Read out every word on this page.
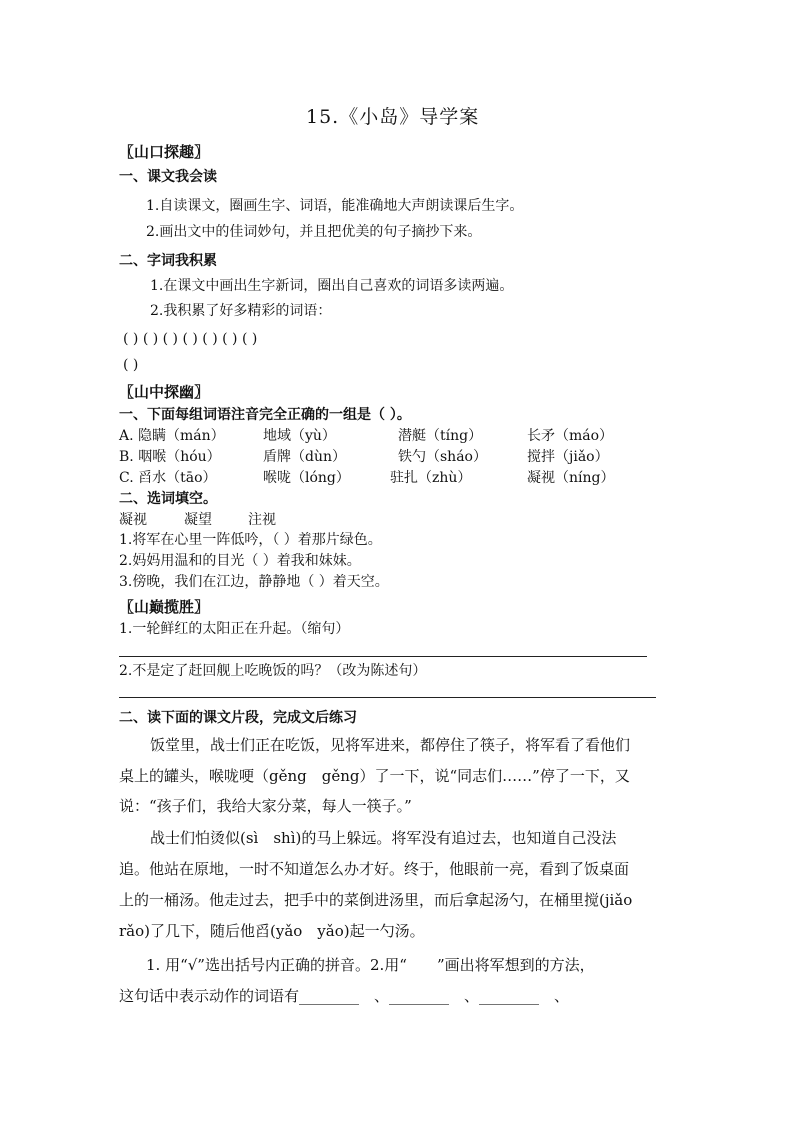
15.《小岛》导学案
〖山口探趣〗
一、课文我会读
1.自读课文，圈画生字、词语，能准确地大声朗读课后生字。
2.画出文中的佳词妙句，并且把优美的句子摘抄下来。
二、字词我积累
1.在课文中画出生字新词，圈出自己喜欢的词语多读两遍。
2.我积累了好多精彩的词语：
( ) ( ) ( ) ( ) ( ) ( ) ( )
( )
〖山中探幽〗
一、下面每组词语注音完全正确的一组是（ ）。
A. 隐瞒（mán）	地域（yù）	潜艇（tíng）	长矛（máo）
B. 咽喉（hóu）	盾牌（dùn）	铁勺（sháo）	搅拌（jiǎo）
C. 舀水（tāo）	喉咙（lóng）	驻扎（zhù）	凝视（níng）
二、选词填空。
凝视	凝望	注视
1.将军在心里一阵低吟，（ ）着那片绿色。
2.妈妈用温和的目光（ ）着我和妹妹。
3.傍晚，我们在江边，静静地（ ）着天空。
〖山巅揽胜〗
1.一轮鲜红的太阳正在升起。（缩句）
2.不是定了赶回舰上吃晚饭的吗？（改为陈述句）
二、读下面的课文片段，完成文后练习
饭堂里，战士们正在吃饭，见将军进来，都停住了筷子，将军看了看他们
桌上的罐头，喉咙哽（gěng　gěng）了一下，说“同志们……”停了一下，又
说：“孩子们，我给大家分菜，每人一筷子。”
战士们怕烫似(sì　shì)的马上躲远。将军没有追过去，也知道自己没法
追。他站在原地，一时不知道怎么办才好。终于，他眼前一亮，看到了饭桌面
上的一桶汤。他走过去，把手中的菜倒进汤里，而后拿起汤勺，在桶里搅(jiǎo
rǎo)了几下，随后他舀(yǎo　yǎo)起一勺汤。
1. 用“√”选出括号内正确的拼音。2.用“　　”画出将军想到的方法，
这句话中表示动作的词语有________　、________　、________　、
